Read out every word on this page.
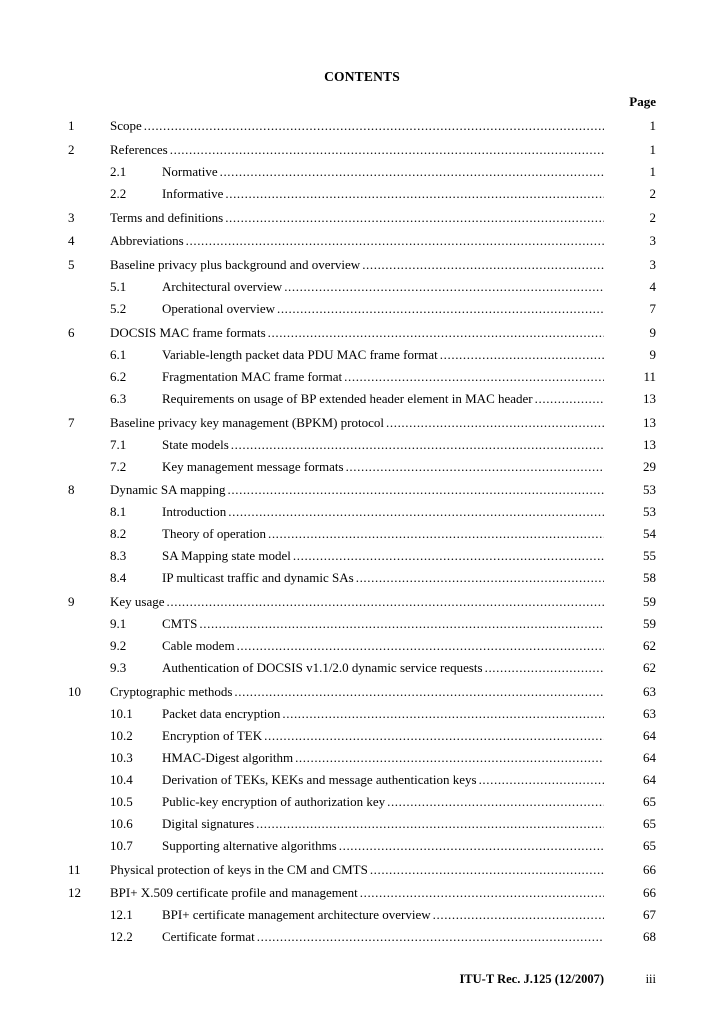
CONTENTS
Page
1	Scope .....	1
2	References .....	1
2.1	Normative .....	1
2.2	Informative .....	2
3	Terms and definitions .....	2
4	Abbreviations .....	3
5	Baseline privacy plus background and overview .....	3
5.1	Architectural overview .....	4
5.2	Operational overview .....	7
6	DOCSIS MAC frame formats .....	9
6.1	Variable-length packet data PDU MAC frame format .....	9
6.2	Fragmentation MAC frame format .....	11
6.3	Requirements on usage of BP extended header element in MAC header .....	13
7	Baseline privacy key management (BPKM) protocol .....	13
7.1	State models .....	13
7.2	Key management message formats .....	29
8	Dynamic SA mapping .....	53
8.1	Introduction .....	53
8.2	Theory of operation .....	54
8.3	SA Mapping state model .....	55
8.4	IP multicast traffic and dynamic SAs .....	58
9	Key usage .....	59
9.1	CMTS .....	59
9.2	Cable modem .....	62
9.3	Authentication of DOCSIS v1.1/2.0 dynamic service requests .....	62
10 Cryptographic methods .....	63
10.1 Packet data encryption .....	63
10.2 Encryption of TEK .....	64
10.3 HMAC-Digest algorithm .....	64
10.4 Derivation of TEKs, KEKs and message authentication keys .....	64
10.5 Public-key encryption of authorization key .....	65
10.6 Digital signatures .....	65
10.7 Supporting alternative algorithms .....	65
11 Physical protection of keys in the CM and CMTS .....	66
12 BPI+ X.509 certificate profile and management .....	66
12.1 BPI+ certificate management architecture overview .....	67
12.2 Certificate format .....	68
ITU-T Rec. J.125 (12/2007)	iii
